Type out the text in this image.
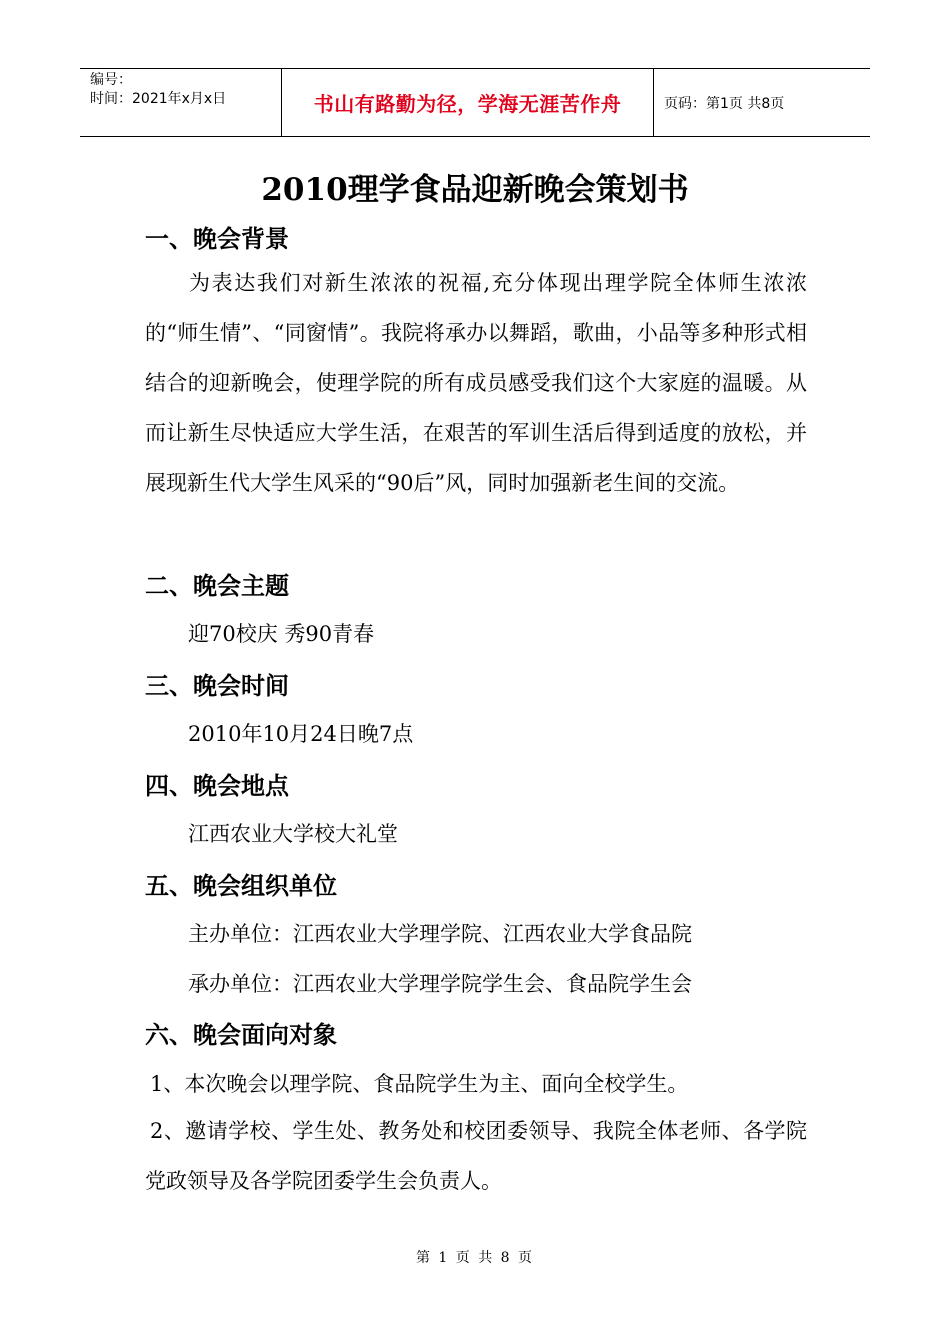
编号：
时间：2021年x月x日	书山有路勤为径，学海无涯苦作舟	页码：第1页 共8页
2010理学食品迎新晚会策划书
一、晚会背景
为表达我们对新生浓浓的祝福,充分体现出理学院全体师生浓浓的“师生情”、“同窗情”。我院将承办以舞蹈，歌曲，小品等多种形式相结合的迎新晚会，使理学院的所有成员感受我们这个大家庭的温暖。从而让新生尽快适应大学生活，在艰苦的军训生活后得到适度的放松，并展现新生代大学生风采的“90后”风，同时加强新老生间的交流。
二、晚会主题
迎70校庆 秀90青春
三、晚会时间
2010年10月24日晚7点
四、晚会地点
江西农业大学校大礼堂
五、晚会组织单位
主办单位：江西农业大学理学院、江西农业大学食品院
承办单位：江西农业大学理学院学生会、食品院学生会
六、晚会面向对象
1、本次晚会以理学院、食品院学生为主、面向全校学生。
2、邀请学校、学生处、教务处和校团委领导、我院全体老师、各学院党政领导及各学院团委学生会负责人。
第 1 页 共 8 页
